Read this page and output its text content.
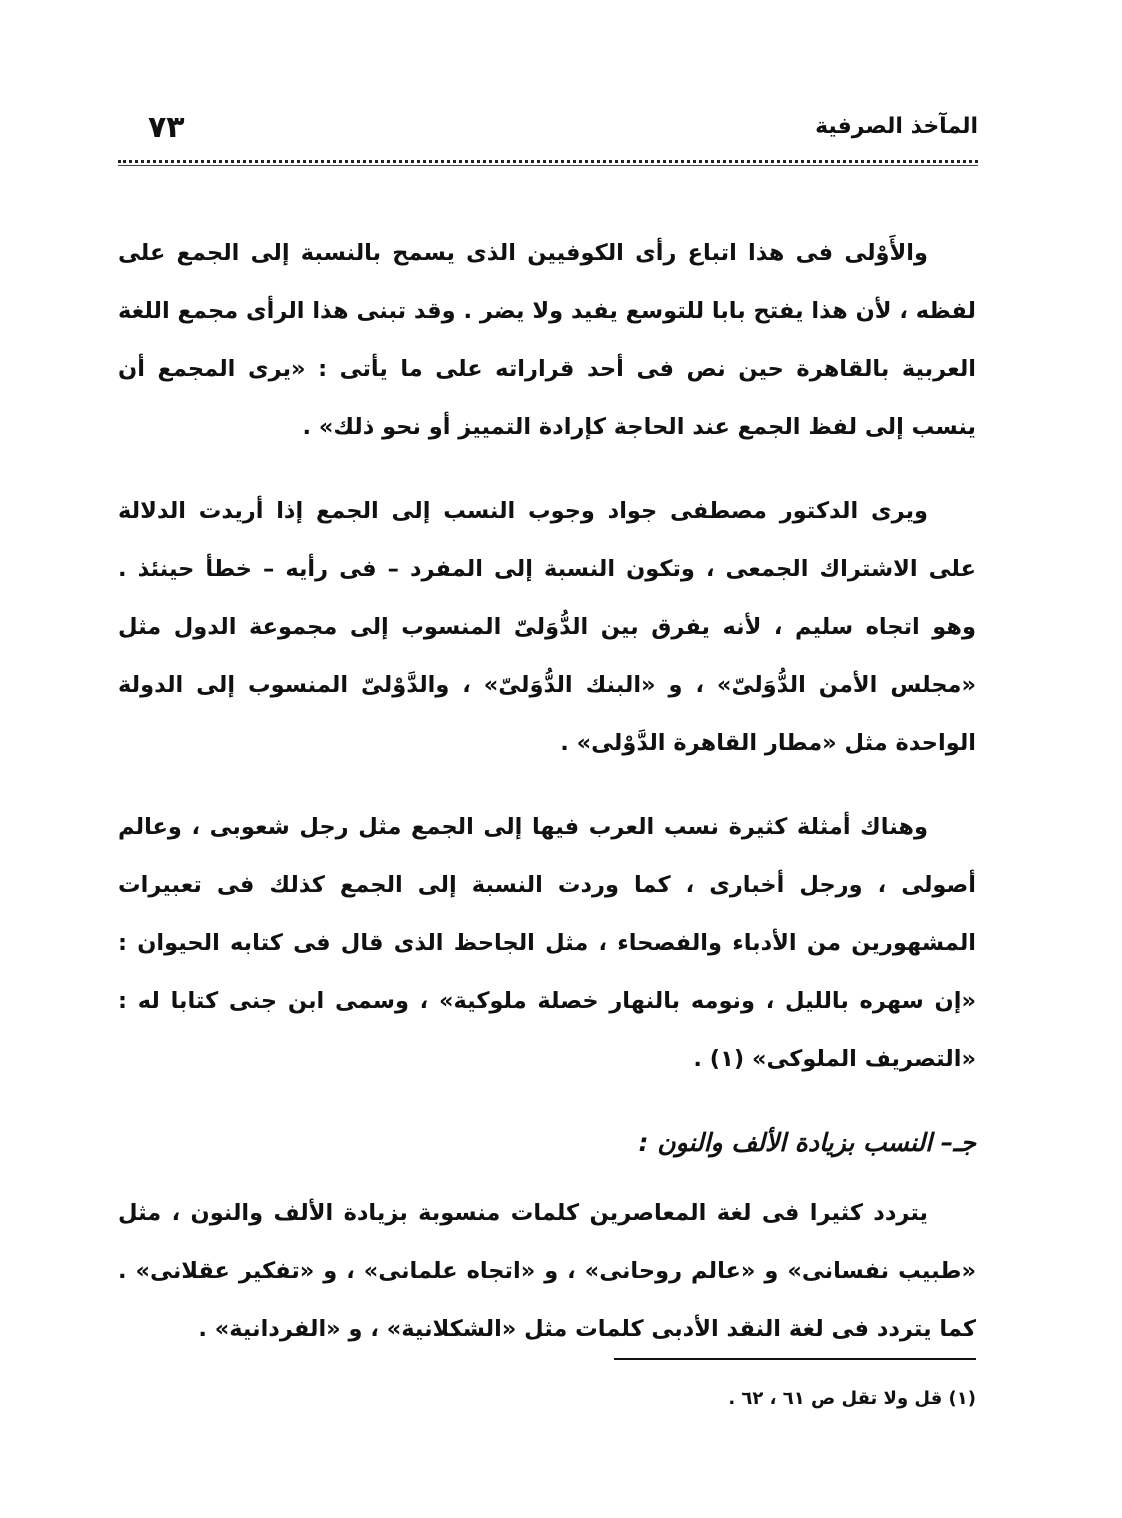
٧٣	المآخذ الصرفية

والأَوْلى فى هذا اتباع رأى الكوفيين الذى يسمح بالنسبة إلى الجمع على لفظه ، لأن هذا يفتح بابا للتوسع يفيد ولا يضر . وقد تبنى هذا الرأى مجمع اللغة العربية بالقاهرة حين نص فى أحد قراراته على ما يأتى : «يرى المجمع أن ينسب إلى لفظ الجمع عند الحاجة كإرادة التمييز أو نحو ذلك» .

ويرى الدكتور مصطفى جواد وجوب النسب إلى الجمع إذا أريدت الدلالة على الاشتراك الجمعى ، وتكون النسبة إلى المفرد – فى رأيه – خطأ حينئذ . وهو اتجاه سليم ، لأنه يفرق بين الدُّوَلىّ المنسوب إلى مجموعة الدول مثل «مجلس الأمن الدُّوَلىّ» ، و «البنك الدُّوَلىّ» ، والدَّوْلىّ المنسوب إلى الدولة الواحدة مثل «مطار القاهرة الدَّوْلى» .

وهناك أمثلة كثيرة نسب العرب فيها إلى الجمع مثل رجل شعوبى ، وعالم أصولى ، ورجل أخبارى ، كما وردت النسبة إلى الجمع كذلك فى تعبيرات المشهورين من الأدباء والفصحاء ، مثل الجاحظ الذى قال فى كتابه الحيوان : «إن سهره بالليل ، ونومه بالنهار خصلة ملوكية» ، وسمى ابن جنى كتابا له : «التصريف الملوكى» (١) .

جـ– النسب بزيادة الألف والنون :

يتردد كثيرا فى لغة المعاصرين كلمات منسوبة بزيادة الألف والنون ، مثل «طبيب نفسانى» و «عالم روحانى» ، و «اتجاه علمانى» ، و «تفكير عقلانى» . كما يتردد فى لغة النقد الأدبى كلمات مثل «الشكلانية» ، و «الفردانية» .

(١) قل ولا تقل ص ٦١ ، ٦٢ .
